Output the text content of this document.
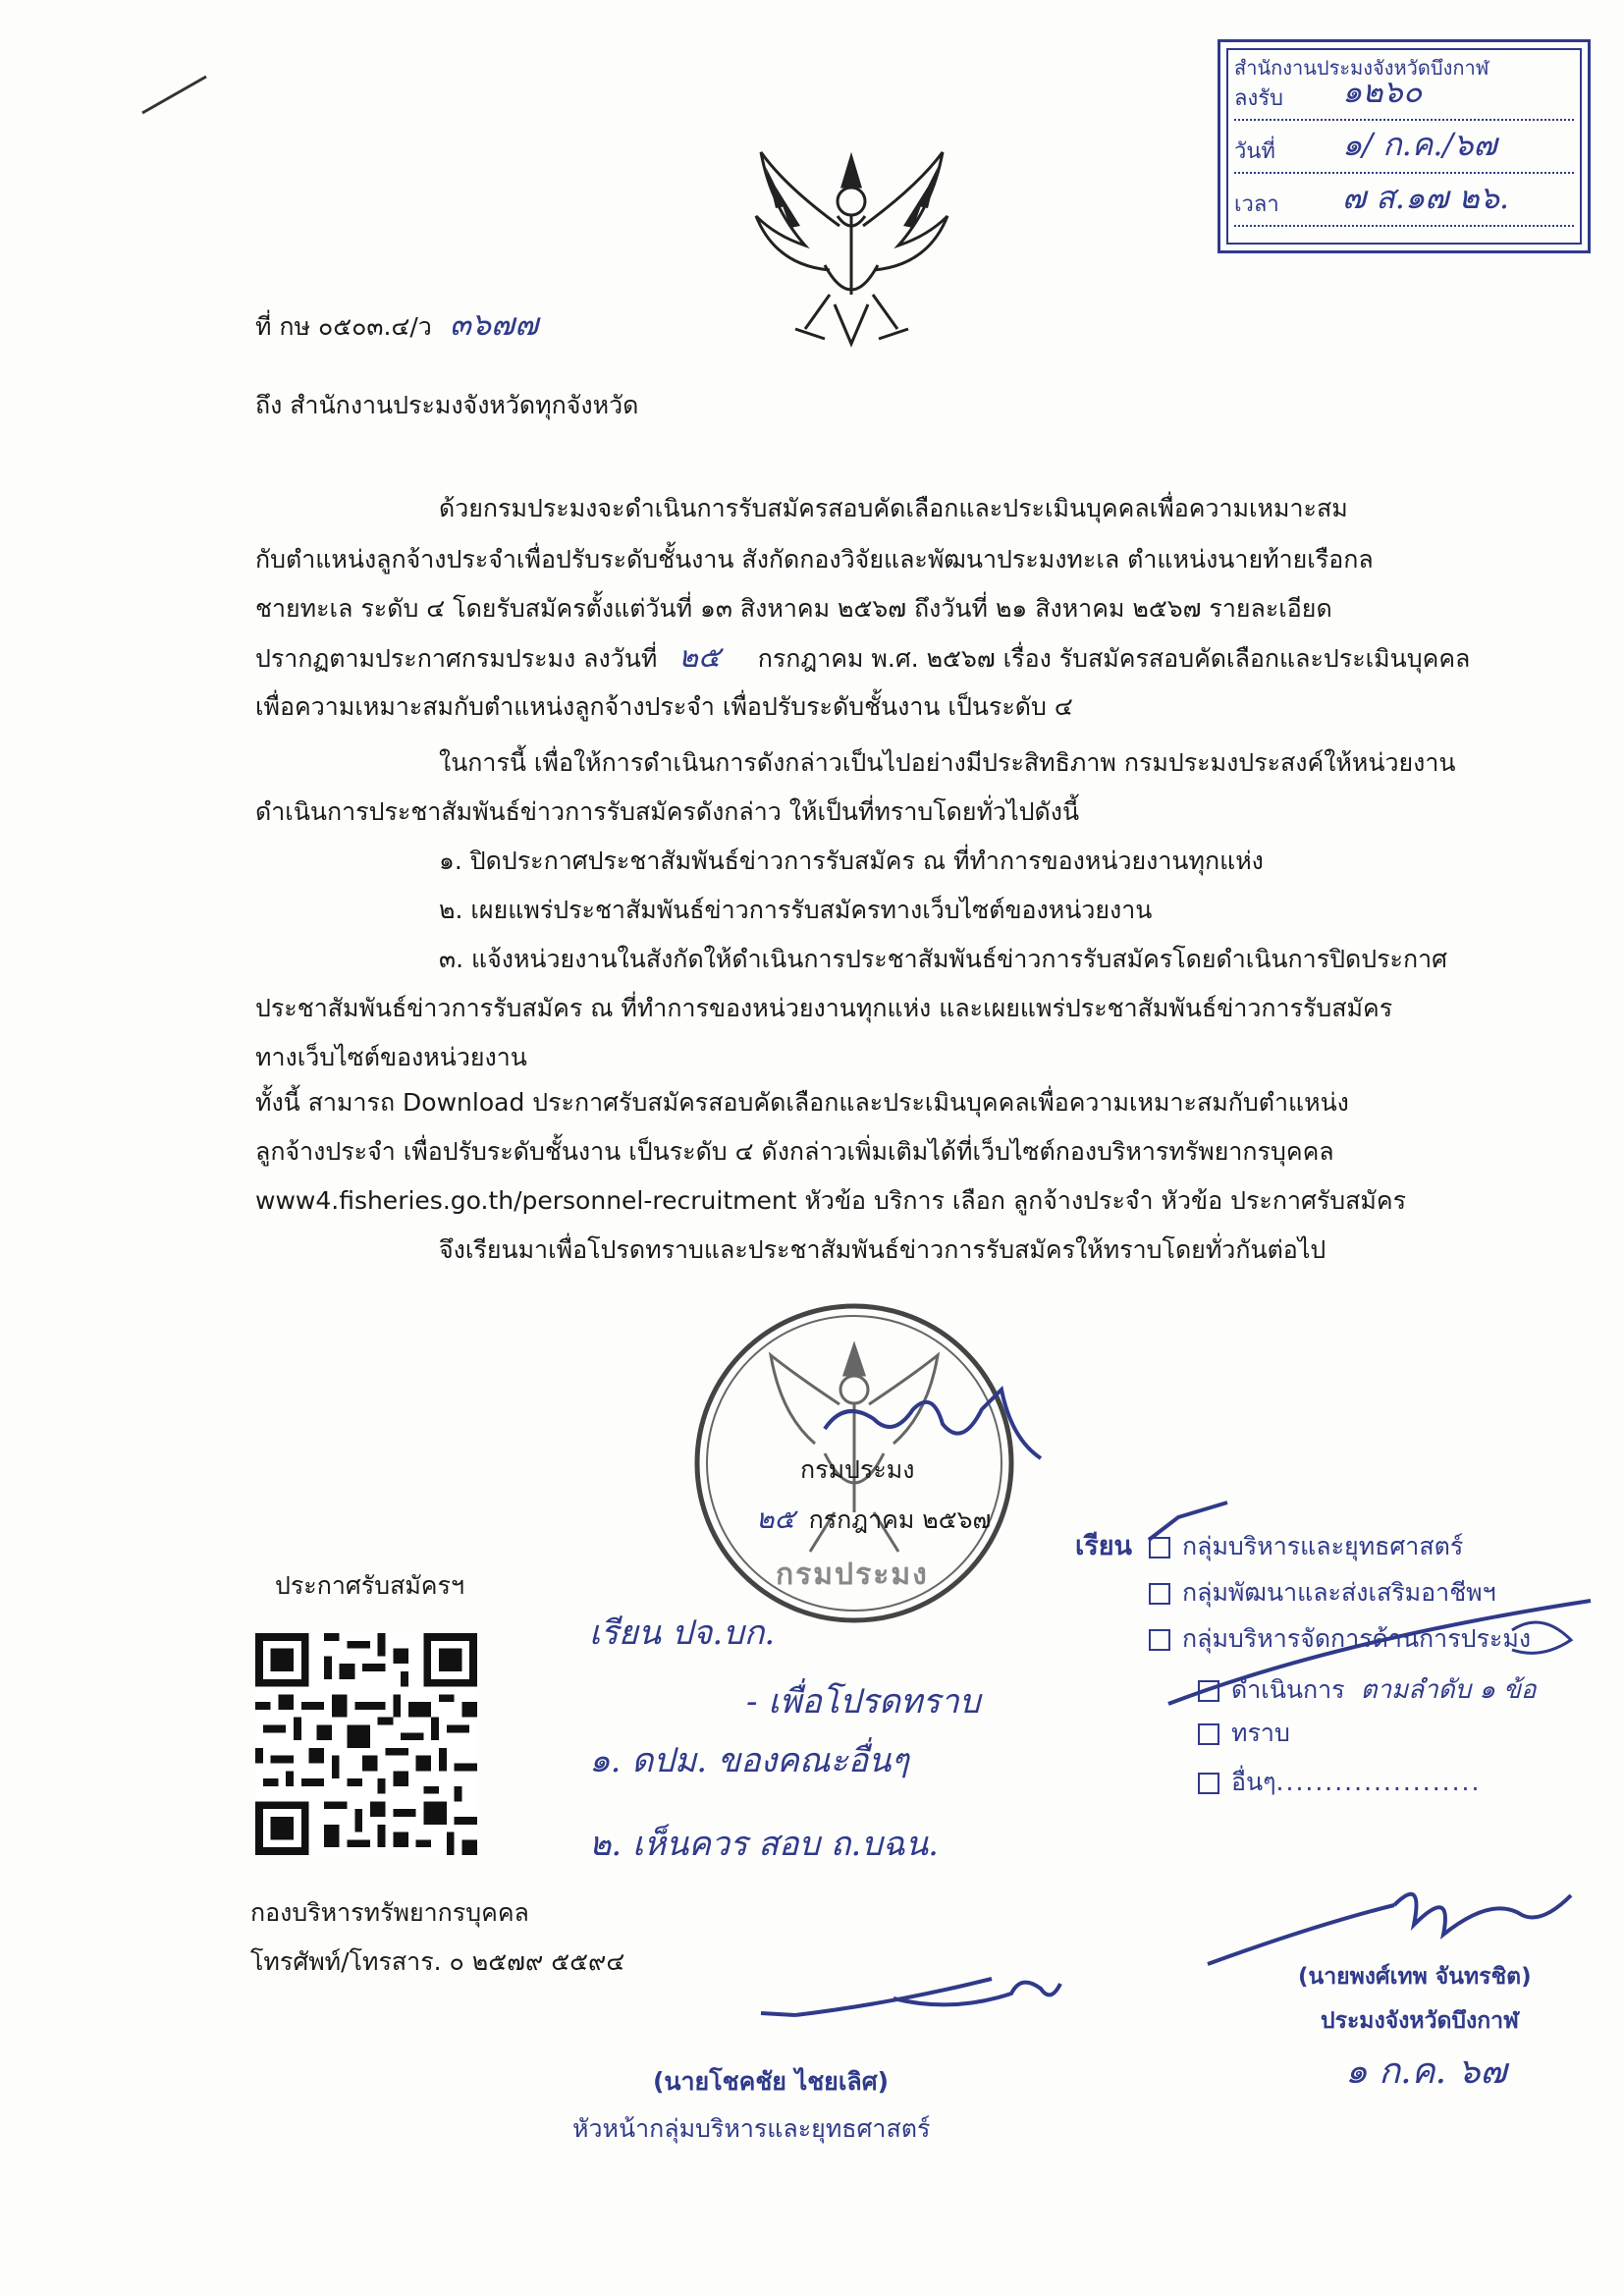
สำนักงานประมงจังหวัดบึงกาฬ
ลงรับ ๑๒๖๐
วันที่ ๑/ ก.ค./๖๗
เวลา ๗ ส.๑๗ ๒๖.
ที่ กษ ๐๕๐๓.๔/ว ๓๖๗๗
ถึง สำนักงานประมงจังหวัดทุกจังหวัด
ด้วยกรมประมงจะดำเนินการรับสมัครสอบคัดเลือกและประเมินบุคคลเพื่อความเหมาะสม
กับตำแหน่งลูกจ้างประจำเพื่อปรับระดับชั้นงาน สังกัดกองวิจัยและพัฒนาประมงทะเล ตำแหน่งนายท้ายเรือกล
ชายทะเล ระดับ ๔ โดยรับสมัครตั้งแต่วันที่ ๑๓ สิงหาคม ๒๕๖๗ ถึงวันที่ ๒๑ สิงหาคม ๒๕๖๗ รายละเอียด
ปรากฏตามประกาศกรมประมง ลงวันที่ ๒๕ กรกฎาคม พ.ศ. ๒๕๖๗ เรื่อง รับสมัครสอบคัดเลือกและประเมินบุคคล
เพื่อความเหมาะสมกับตำแหน่งลูกจ้างประจำ เพื่อปรับระดับชั้นงาน เป็นระดับ ๔
ในการนี้ เพื่อให้การดำเนินการดังกล่าวเป็นไปอย่างมีประสิทธิภาพ กรมประมงประสงค์ให้หน่วยงาน
ดำเนินการประชาสัมพันธ์ข่าวการรับสมัครดังกล่าว ให้เป็นที่ทราบโดยทั่วไปดังนี้
๑. ปิดประกาศประชาสัมพันธ์ข่าวการรับสมัคร ณ ที่ทำการของหน่วยงานทุกแห่ง
๒. เผยแพร่ประชาสัมพันธ์ข่าวการรับสมัครทางเว็บไซต์ของหน่วยงาน
๓. แจ้งหน่วยงานในสังกัดให้ดำเนินการประชาสัมพันธ์ข่าวการรับสมัครโดยดำเนินการปิดประกาศ
ประชาสัมพันธ์ข่าวการรับสมัคร ณ ที่ทำการของหน่วยงานทุกแห่ง และเผยแพร่ประชาสัมพันธ์ข่าวการรับสมัคร
ทางเว็บไซต์ของหน่วยงาน
ทั้งนี้ สามารถ Download ประกาศรับสมัครสอบคัดเลือกและประเมินบุคคลเพื่อความเหมาะสมกับตำแหน่ง
ลูกจ้างประจำ เพื่อปรับระดับชั้นงาน เป็นระดับ ๔ ดังกล่าวเพิ่มเติมได้ที่เว็บไซต์กองบริหารทรัพยากรบุคคล
www4.fisheries.go.th/personnel-recruitment หัวข้อ บริการ เลือก ลูกจ้างประจำ หัวข้อ ประกาศรับสมัคร
จึงเรียนมาเพื่อโปรดทราบและประชาสัมพันธ์ข่าวการรับสมัครให้ทราบโดยทั่วกันต่อไป
กรมประมง
กรมประมง
๒๕ กรกฎาคม ๒๕๖๗
ประกาศรับสมัครฯ
กองบริหารทรัพยากรบุคคล
โทรศัพท์/โทรสาร. ๐ ๒๕๗๙ ๕๕๙๔
เรียน	กลุ่มบริหารและยุทธศาสตร์
กลุ่มพัฒนาและส่งเสริมอาชีพฯ
กลุ่มบริหารจัดการด้านการประมง
ดำเนินการ ตามลำดับ ๑ ข้อ
ทราบ
อื่นๆ.....................
เรียน ปจ.บก.
- เพื่อโปรดทราบ
๑. ดปม. ของคณะอื่นๆ
๒. เห็นควร สอบ ถ.บฉน.
(นายพงศ์เทพ จันทรชิต)
ประมงจังหวัดบึงกาฬ
๑ ก.ค. ๖๗
(นายโชคชัย ไชยเลิศ)
หัวหน้ากลุ่มบริหารและยุทธศาสตร์
